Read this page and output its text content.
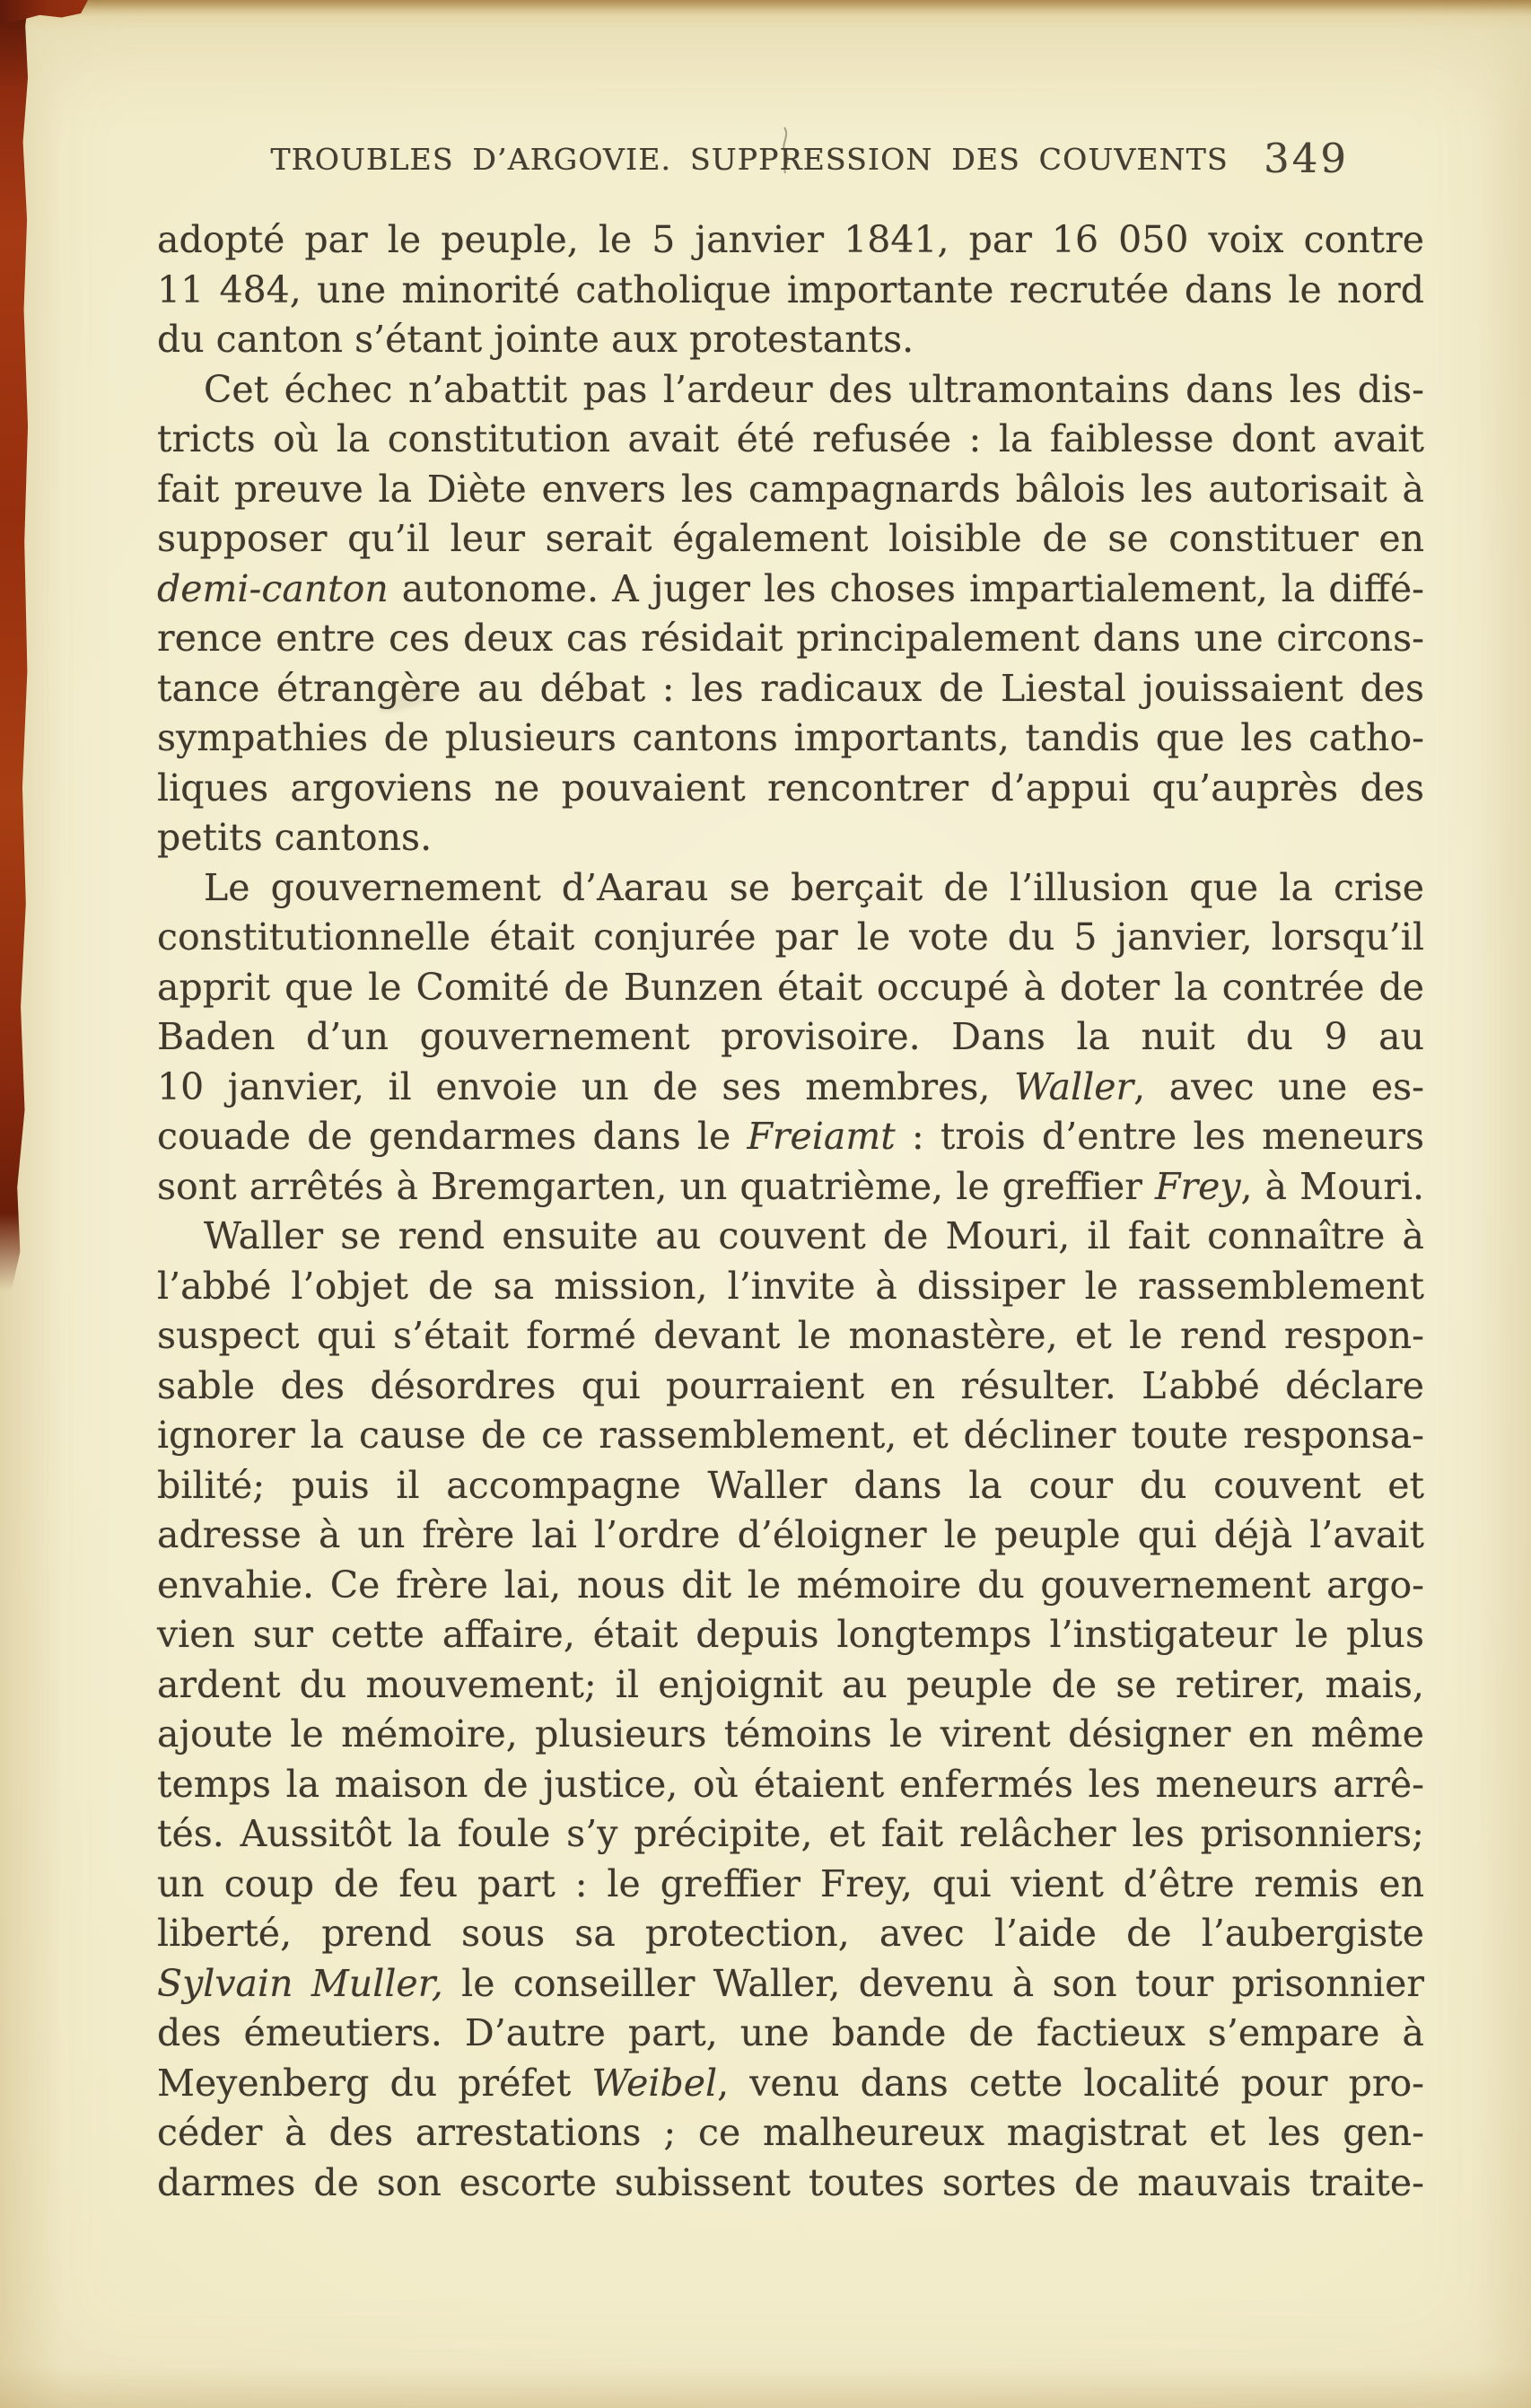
TROUBLES D’ARGOVIE. SUPPRESSION DES COUVENTS 349
adopté par le peuple, le 5 janvier 1841, par 16 050 voix contre
11 484, une minorité catholique importante recrutée dans le nord
du canton s’étant jointe aux protestants.
Cet échec n’abattit pas l’ardeur des ultramontains dans les dis-
tricts où la constitution avait été refusée : la faiblesse dont avait
fait preuve la Diète envers les campagnards bâlois les autorisait à
supposer qu’il leur serait également loisible de se constituer en
demi-canton autonome. A juger les choses impartialement, la diffé-
rence entre ces deux cas résidait principalement dans une circons-
tance étrangère au débat : les radicaux de Liestal jouissaient des
sympathies de plusieurs cantons importants, tandis que les catho-
liques argoviens ne pouvaient rencontrer d’appui qu’auprès des
petits cantons.
Le gouvernement d’Aarau se berçait de l’illusion que la crise
constitutionnelle était conjurée par le vote du 5 janvier, lorsqu’il
apprit que le Comité de Bunzen était occupé à doter la contrée de
Baden d’un gouvernement provisoire. Dans la nuit du 9 au
10 janvier, il envoie un de ses membres, Waller, avec une es-
couade de gendarmes dans le Freiamt : trois d’entre les meneurs
sont arrêtés à Bremgarten, un quatrième, le greffier Frey, à Mouri.
Waller se rend ensuite au couvent de Mouri, il fait connaître à
l’abbé l’objet de sa mission, l’invite à dissiper le rassemblement
suspect qui s’était formé devant le monastère, et le rend respon-
sable des désordres qui pourraient en résulter. L’abbé déclare
ignorer la cause de ce rassemblement, et décliner toute responsa-
bilité; puis il accompagne Waller dans la cour du couvent et
adresse à un frère lai l’ordre d’éloigner le peuple qui déjà l’avait
envahie. Ce frère lai, nous dit le mémoire du gouvernement argo-
vien sur cette affaire, était depuis longtemps l’instigateur le plus
ardent du mouvement; il enjoignit au peuple de se retirer, mais,
ajoute le mémoire, plusieurs témoins le virent désigner en même
temps la maison de justice, où étaient enfermés les meneurs arrê-
tés. Aussitôt la foule s’y précipite, et fait relâcher les prisonniers;
un coup de feu part : le greffier Frey, qui vient d’être remis en
liberté, prend sous sa protection, avec l’aide de l’aubergiste
Sylvain Muller, le conseiller Waller, devenu à son tour prisonnier
des émeutiers. D’autre part, une bande de factieux s’empare à
Meyenberg du préfet Weibel, venu dans cette localité pour pro-
céder à des arrestations ; ce malheureux magistrat et les gen-
darmes de son escorte subissent toutes sortes de mauvais traite-
